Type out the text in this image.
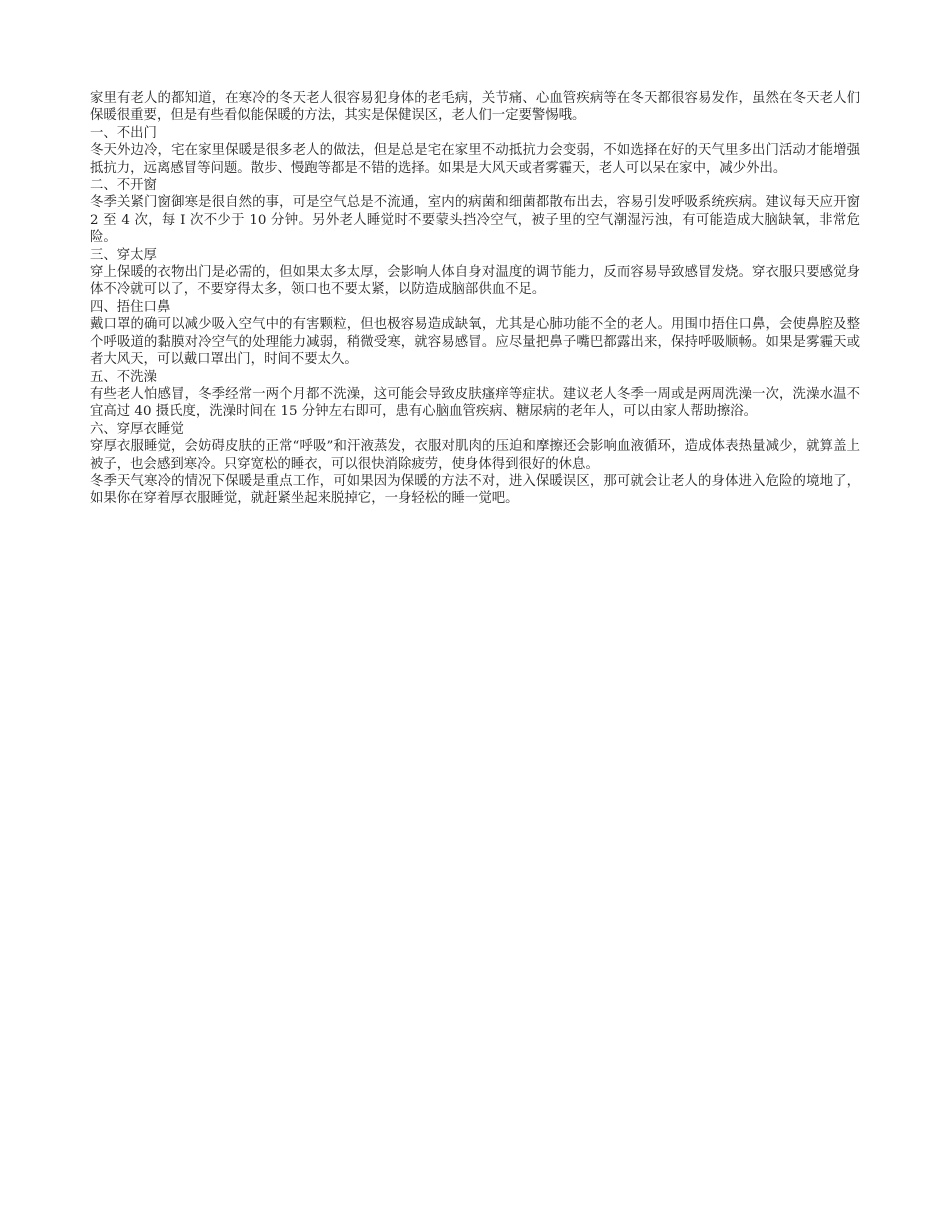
家里有老人的都知道，在寒冷的冬天老人很容易犯身体的老毛病，关节痛、心血管疾病等在冬天都很容易发作，虽然在冬天老人们保暖很重要，但是有些看似能保暖的方法，其实是保健误区，老人们一定要警惕哦。

一、不出门

冬天外边冷，宅在家里保暖是很多老人的做法，但是总是宅在家里不动抵抗力会变弱，不如选择在好的天气里多出门活动才能增强抵抗力，远离感冒等问题。散步、慢跑等都是不错的选择。如果是大风天或者雾霾天，老人可以呆在家中，减少外出。

二、不开窗

冬季关紧门窗御寒是很自然的事，可是空气总是不流通，室内的病菌和细菌都散布出去，容易引发呼吸系统疾病。建议每天应开窗 2 至 4 次，每 I 次不少于 10 分钟。另外老人睡觉时不要蒙头挡冷空气，被子里的空气潮湿污浊，有可能造成大脑缺氧，非常危险。

三、穿太厚

穿上保暖的衣物出门是必需的，但如果太多太厚，会影响人体自身对温度的调节能力，反而容易导致感冒发烧。穿衣服只要感觉身体不冷就可以了，不要穿得太多，领口也不要太紧，以防造成脑部供血不足。

四、捂住口鼻

戴口罩的确可以减少吸入空气中的有害颗粒，但也极容易造成缺氧，尤其是心肺功能不全的老人。用围巾捂住口鼻，会使鼻腔及整个呼吸道的黏膜对冷空气的处理能力减弱，稍微受寒，就容易感冒。应尽量把鼻子嘴巴都露出来，保持呼吸顺畅。如果是雾霾天或者大风天，可以戴口罩出门，时间不要太久。

五、不洗澡

有些老人怕感冒，冬季经常一两个月都不洗澡，这可能会导致皮肤瘙痒等症状。建议老人冬季一周或是两周洗澡一次，洗澡水温不宜高过 40 摄氏度，洗澡时间在 15 分钟左右即可，患有心脑血管疾病、糖尿病的老年人，可以由家人帮助擦浴。

六、穿厚衣睡觉

穿厚衣服睡觉，会妨碍皮肤的正常“呼吸”和汗液蒸发，衣服对肌肉的压迫和摩擦还会影响血液循环，造成体表热量减少，就算盖上被子，也会感到寒冷。只穿宽松的睡衣，可以很快消除疲劳，使身体得到很好的休息。

冬季天气寒冷的情况下保暖是重点工作，可如果因为保暖的方法不对，进入保暖误区，那可就会让老人的身体进入危险的境地了，如果你在穿着厚衣服睡觉，就赶紧坐起来脱掉它，一身轻松的睡一觉吧。
